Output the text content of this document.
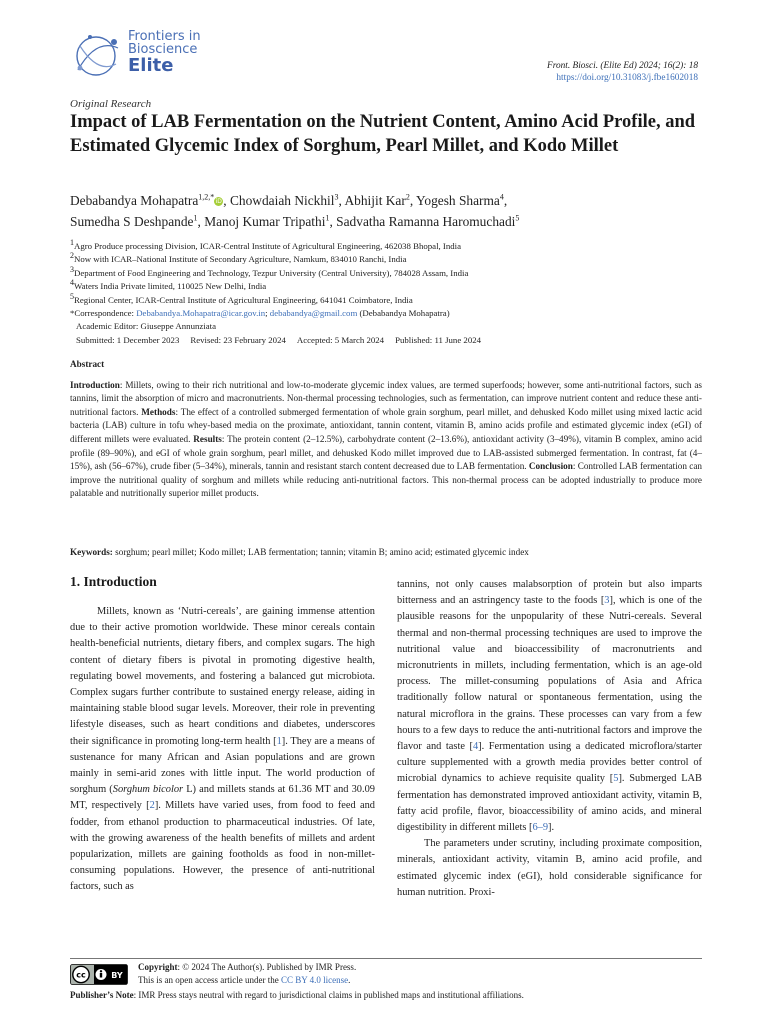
Frontiers in
Bioscience
Elite	Front. Biosci. (Elite Ed) 2024; 16(2): 18
https://doi.org/10.31083/j.fbe1602018
Original Research
Impact of LAB Fermentation on the Nutrient Content, Amino Acid Profile, and Estimated Glycemic Index of Sorghum, Pearl Millet, and Kodo Millet
Debabandya Mohapatra$^{1,2,*}$iD, Chowdaiah Nickhil$^3$, Abhijit Kar$^2$, Yogesh Sharma$^4$,
Sumedha S Deshpande$^1$, Manoj Kumar Tripathi$^1$, Sadvatha Ramanna Haromuchadi$^5$
$^1$Agro Produce processing Division, ICAR-Central Institute of Agricultural Engineering, 462038 Bhopal, India
$^2$Now with ICAR–National Institute of Secondary Agriculture, Namkum, 834010 Ranchi, India
$^3$Department of Food Engineering and Technology, Tezpur University (Central University), 784028 Assam, India
$^4$Waters India Private limited, 110025 New Delhi, India
$^5$Regional Center, ICAR-Central Institute of Agricultural Engineering, 641041 Coimbatore, India
*Correspondence: Debabandya.Mohapatra@icar.gov.in; debabandya@gmail.com (Debabandya Mohapatra)
Academic Editor: Giuseppe Annunziata
Submitted: 1 December 2023 Revised: 23 February 2024 Accepted: 5 March 2024 Published: 11 June 2024
Abstract
Introduction: Millets, owing to their rich nutritional and low-to-moderate glycemic index values, are termed superfoods; however, some anti-nutritional factors, such as tannins, limit the absorption of micro and macronutrients. Non-thermal processing technologies, such as fermentation, can improve nutrient content and reduce these anti-nutritional factors. Methods: The effect of a controlled submerged fermentation of whole grain sorghum, pearl millet, and dehusked Kodo millet using mixed lactic acid bacteria (LAB) culture in tofu whey-based media on the proximate, antioxidant, tannin content, vitamin B, amino acids profile and estimated glycemic index (eGI) of different millets were evaluated. Results: The protein content (2–12.5%), carbohydrate content (2–13.6%), antioxidant activity (3–49%), vitamin B complex, amino acid profile (89–90%), and eGI of whole grain sorghum, pearl millet, and dehusked Kodo millet improved due to LAB-assisted submerged fermentation. In contrast, fat (4–15%), ash (56–67%), crude fiber (5–34%), minerals, tannin and resistant starch content decreased due to LAB fermentation. Conclusion: Controlled LAB fermentation can improve the nutritional quality of sorghum and millets while reducing anti-nutritional factors. This non-thermal process can be adopted industrially to produce more palatable and nutritionally superior millet products.
Keywords: sorghum; pearl millet; Kodo millet; LAB fermentation; tannin; vitamin B; amino acid; estimated glycemic index
1. Introduction

Millets, known as ‘Nutri-cereals’, are gaining immense attention due to their active promotion worldwide. These minor cereals contain health-beneficial nutrients, dietary fibers, and complex sugars. The high content of dietary fibers is pivotal in promoting digestive health, regulating bowel movements, and fostering a balanced gut microbiota. Complex sugars further contribute to sustained energy release, aiding in maintaining stable blood sugar levels. Moreover, their role in preventing lifestyle diseases, such as heart conditions and diabetes, underscores their significance in promoting long-term health [1]. They are a means of sustenance for many African and Asian populations and are grown mainly in semi-arid zones with little input. The world production of sorghum (Sorghum bicolor L) and millets stands at 61.36 MT and 30.09 MT, respectively [2]. Millets have varied uses, from food to feed and fodder, from ethanol production to pharmaceutical industries. Of late, with the growing awareness of the health benefits of millets and ardent popularization, millets are gaining footholds as food in non-millet-consuming populations. However, the presence of anti-nutritional factors, such as

tannins, not only causes malabsorption of protein but also imparts bitterness and an astringency taste to the foods [3], which is one of the plausible reasons for the unpopularity of these Nutri-cereals. Several thermal and non-thermal processing techniques are used to improve the nutritional value and bioaccessibility of macronutrients and micronutrients in millets, including fermentation, which is an age-old process. The millet-consuming populations of Asia and Africa traditionally follow natural or spontaneous fermentation, using the natural microflora in the grains. These processes can vary from a few hours to a few days to reduce the anti-nutritional factors and improve the flavor and taste [4]. Fermentation using a dedicated microflora/starter culture supplemented with a growth media provides better control of microbial dynamics to achieve requisite quality [5]. Submerged LAB fermentation has demonstrated improved antioxidant activity, vitamin B, fatty acid profile, flavor, bioaccessibility of amino acids, and mineral digestibility in different millets [6–9].

The parameters under scrutiny, including proximate composition, minerals, antioxidant activity, vitamin B, amino acid profile, and estimated glycemic index (eGI), hold considerable significance for human nutrition. Proxi-

cc	BY
Copyright: © 2024 The Author(s). Published by IMR Press.
This is an open access article under the CC BY 4.0 license.
Publisher’s Note: IMR Press stays neutral with regard to jurisdictional claims in published maps and institutional affiliations.
